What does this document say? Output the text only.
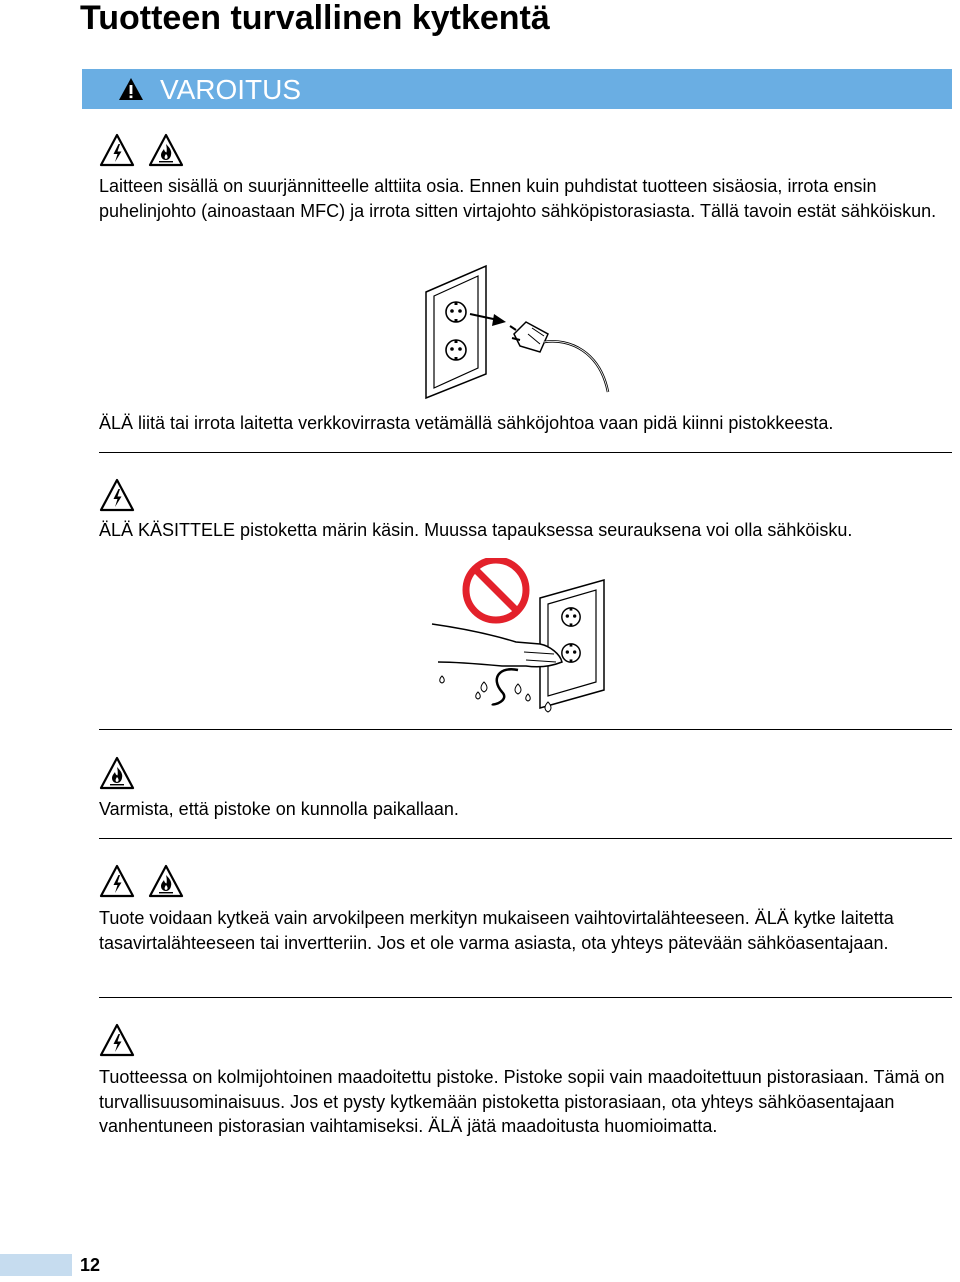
Tuotteen turvallinen kytkentä
VAROITUS
Laitteen sisällä on suurjännitteelle alttiita osia. Ennen kuin puhdistat tuotteen sisäosia, irrota ensin puhelinjohto (ainoastaan MFC) ja irrota sitten virtajohto sähköpistorasiasta. Tällä tavoin estät sähköiskun.
ÄLÄ liitä tai irrota laitetta verkkovirrasta vetämällä sähköjohtoa vaan pidä kiinni pistokkeesta.
ÄLÄ KÄSITTELE pistoketta märin käsin. Muussa tapauksessa seurauksena voi olla sähköisku.
Varmista, että pistoke on kunnolla paikallaan.
Tuote voidaan kytkeä vain arvokilpeen merkityn mukaiseen vaihtovirtalähteeseen. ÄLÄ kytke laitetta tasavirtalähteeseen tai invertteriin. Jos et ole varma asiasta, ota yhteys pätevään sähköasentajaan.
Tuotteessa on kolmijohtoinen maadoitettu pistoke. Pistoke sopii vain maadoitettuun pistorasiaan. Tämä on turvallisuusominaisuus. Jos et pysty kytkemään pistoketta pistorasiaan, ota yhteys sähköasentajaan vanhentuneen pistorasian vaihtamiseksi. ÄLÄ jätä maadoitusta huomioimatta.
12
